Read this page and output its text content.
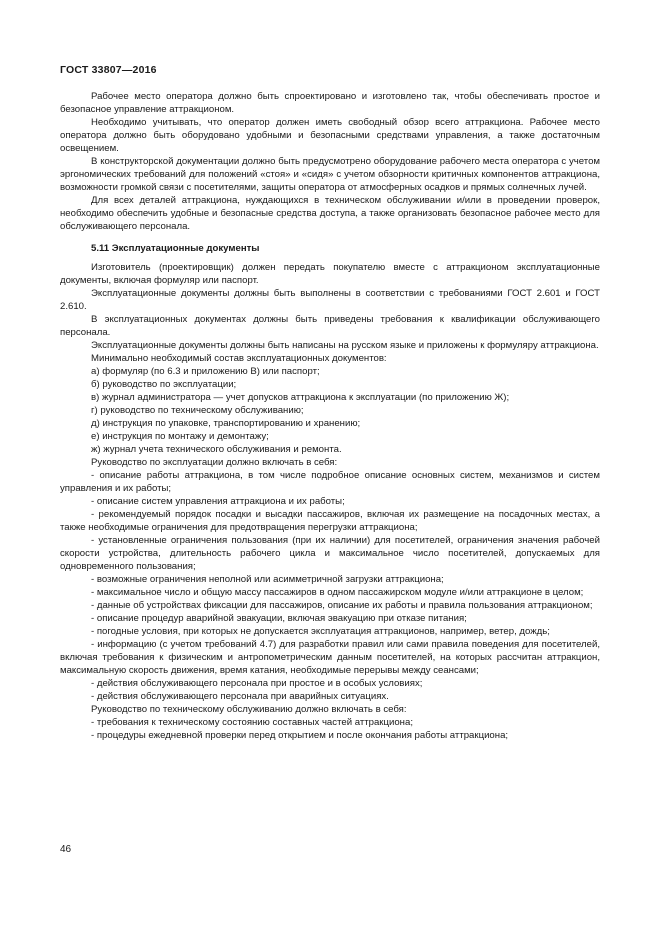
ГОСТ 33807—2016

Рабочее место оператора должно быть спроектировано и изготовлено так, чтобы обеспечивать простое и безопасное управление аттракционом.

Необходимо учитывать, что оператор должен иметь свободный обзор всего аттракциона. Рабочее место оператора должно быть оборудовано удобными и безопасными средствами управления, а также достаточным освещением.

В конструкторской документации должно быть предусмотрено оборудование рабочего места оператора с учетом эргономических требований для положений «стоя» и «сидя» с учетом обзорности критичных компонентов аттракциона, возможности громкой связи с посетителями, защиты оператора от атмосферных осадков и прямых солнечных лучей.

Для всех деталей аттракциона, нуждающихся в техническом обслуживании и/или в проведении проверок, необходимо обеспечить удобные и безопасные средства доступа, а также организовать безопасное рабочее место для обслуживающего персонала.

5.11 Эксплуатационные документы

Изготовитель (проектировщик) должен передать покупателю вместе с аттракционом эксплуатационные документы, включая формуляр или паспорт.

Эксплуатационные документы должны быть выполнены в соответствии с требованиями ГОСТ 2.601 и ГОСТ 2.610.

В эксплуатационных документах должны быть приведены требования к квалификации обслуживающего персонала.

Эксплуатационные документы должны быть написаны на русском языке и приложены к формуляру аттракциона.

Минимально необходимый состав эксплуатационных документов:

а) формуляр (по 6.3 и приложению В) или паспорт;

б) руководство по эксплуатации;

в) журнал администратора — учет допусков аттракциона к эксплуатации (по приложению Ж);

г) руководство по техническому обслуживанию;

д) инструкция по упаковке, транспортированию и хранению;

е) инструкция по монтажу и демонтажу;

ж) журнал учета технического обслуживания и ремонта.

Руководство по эксплуатации должно включать в себя:

- описание работы аттракциона, в том числе подробное описание основных систем, механизмов и систем управления и их работы;

- описание систем управления аттракциона и их работы;

- рекомендуемый порядок посадки и высадки пассажиров, включая их размещение на посадочных местах, а также необходимые ограничения для предотвращения перегрузки аттракциона;

- установленные ограничения пользования (при их наличии) для посетителей, ограничения значения рабочей скорости устройства, длительность рабочего цикла и максимальное число посетителей, допускаемых для одновременного пользования;

- возможные ограничения неполной или асимметричной загрузки аттракциона;

- максимальное число и общую массу пассажиров в одном пассажирском модуле и/или аттракционе в целом;

- данные об устройствах фиксации для пассажиров, описание их работы и правила пользования аттракционом;

- описание процедур аварийной эвакуации, включая эвакуацию при отказе питания;

- погодные условия, при которых не допускается эксплуатация аттракционов, например, ветер, дождь;

- информацию (с учетом требований 4.7) для разработки правил или сами правила поведения для посетителей, включая требования к физическим и антропометрическим данным посетителей, на которых рассчитан аттракцион, максимальную скорость движения, время катания, необходимые перерывы между сеансами;

- действия обслуживающего персонала при простое и в особых условиях;

- действия обслуживающего персонала при аварийных ситуациях.

Руководство по техническому обслуживанию должно включать в себя:

- требования к техническому состоянию составных частей аттракциона;

- процедуры ежедневной проверки перед открытием и после окончания работы аттракциона;

46
